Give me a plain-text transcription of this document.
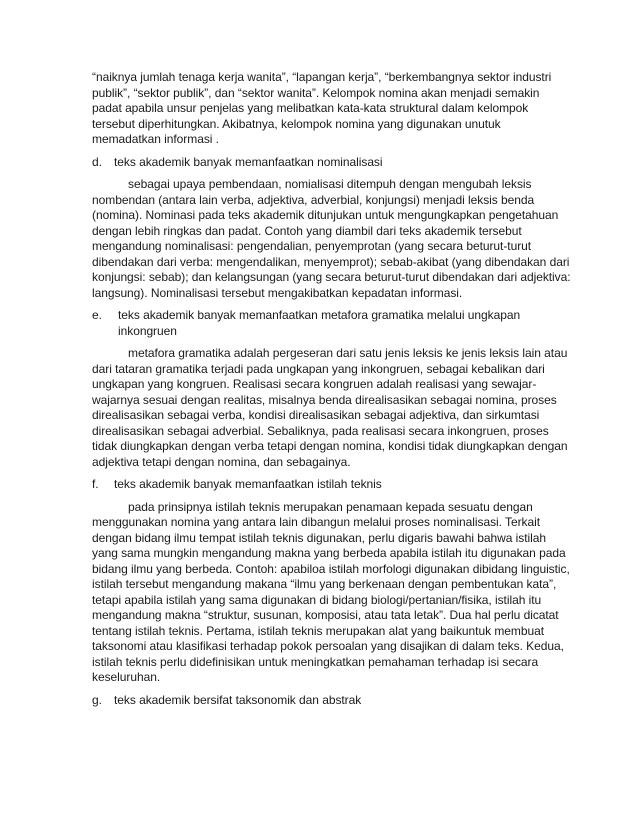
“naiknya jumlah tenaga kerja wanita”, “lapangan kerja”, “berkembangnya sektor industri publik”, “sektor publik”, dan “sektor wanita”. Kelompok nomina akan menjadi semakin padat apabila unsur penjelas yang melibatkan kata-kata struktural dalam kelompok tersebut diperhitungkan. Akibatnya, kelompok nomina yang digunakan unutuk memadatkan informasi .

d.	teks akademik banyak memanfaatkan nominalisasi

sebagai upaya pembendaan, nomialisasi ditempuh dengan mengubah leksis nombendan (antara lain verba, adjektiva, adverbial, konjungsi) menjadi leksis benda (nomina). Nominasi pada teks akademik ditunjukan untuk mengungkapkan pengetahuan dengan lebih ringkas dan padat. Contoh yang diambil dari teks akademik tersebut mengandung nominalisasi: pengendalian, penyemprotan (yang secara beturut-turut dibendakan dari verba: mengendalikan, menyemprot); sebab-akibat (yang dibendakan dari konjungsi: sebab); dan kelangsungan (yang secara beturut-turut dibendakan dari adjektiva: langsung). Nominalisasi tersebut mengakibatkan kepadatan informasi.

e.	teks akademik banyak memanfaatkan metafora gramatika melalui ungkapan inkongruen

metafora gramatika adalah pergeseran dari satu jenis leksis ke jenis leksis lain atau dari tataran gramatika terjadi pada ungkapan yang inkongruen, sebagai kebalikan dari ungkapan yang kongruen. Realisasi secara kongruen adalah realisasi yang sewajar-wajarnya sesuai dengan realitas, misalnya benda direalisasikan sebagai nomina, proses direalisasikan sebagai verba, kondisi direalisasikan sebagai adjektiva, dan sirkumtasi direalisasikan sebagai adverbial. Sebaliknya, pada realisasi secara inkongruen, proses tidak diungkapkan dengan verba tetapi dengan nomina, kondisi tidak diungkapkan dengan adjektiva tetapi dengan nomina, dan sebagainya.

f.	teks akademik banyak memanfaatkan istilah teknis

pada prinsipnya istilah teknis merupakan penamaan kepada sesuatu dengan menggunakan nomina yang antara lain dibangun melalui proses nominalisasi. Terkait dengan bidang ilmu tempat istilah teknis digunakan, perlu digaris bawahi bahwa istilah yang sama mungkin mengandung makna yang berbeda apabila istilah itu digunakan pada bidang ilmu yang berbeda. Contoh: apabiloa istilah morfologi digunakan dibidang linguistic, istilah tersebut mengandung makana “ilmu yang berkenaan dengan pembentukan kata”, tetapi apabila istilah yang sama digunakan di bidang biologi/pertanian/fisika, istilah itu mengandung makna “struktur, susunan, komposisi, atau tata letak”. Dua hal perlu dicatat tentang istilah teknis. Pertama, istilah teknis merupakan alat yang baikuntuk membuat taksonomi atau klasifikasi terhadap pokok persoalan yang disajikan di dalam teks. Kedua, istilah teknis perlu didefinisikan untuk meningkatkan pemahaman terhadap isi secara keseluruhan.

g.	teks akademik bersifat taksonomik dan abstrak
